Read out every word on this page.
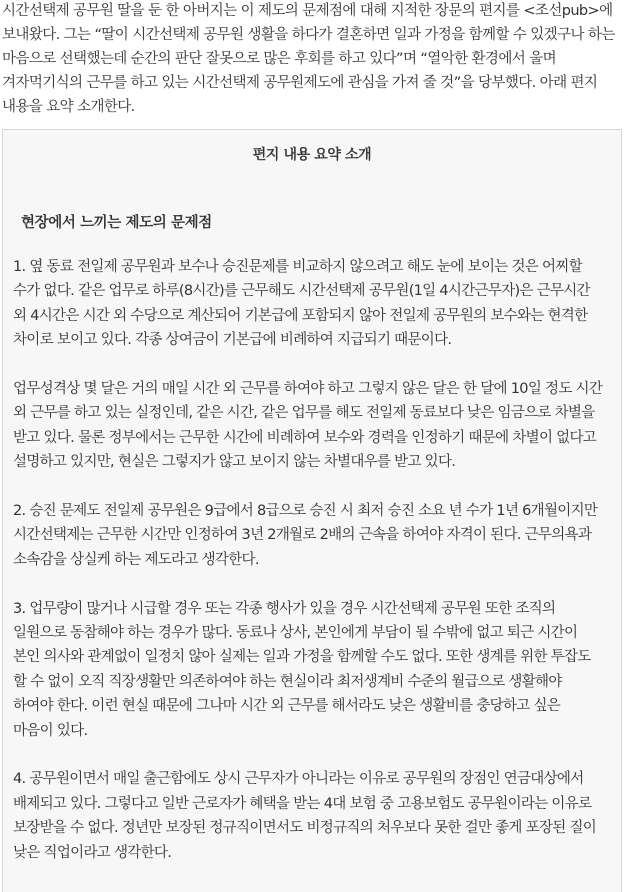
시간선택제 공무원 딸을 둔 한 아버지는 이 제도의 문제점에 대해 지적한 장문의 편지를 <조선pub>에 보내왔다. 그는 “딸이 시간선택제 공무원 생활을 하다가 결혼하면 일과 가정을 함께할 수 있겠구나 하는 마음으로 선택했는데 순간의 판단 잘못으로 많은 후회를 하고 있다”며 “열악한 환경에서 울며 겨자먹기식의 근무를 하고 있는 시간선택제 공무원제도에 관심을 가져 줄 것”을 당부했다. 아래 편지 내용을 요약 소개한다.

편지 내용 요약 소개
현장에서 느끼는 제도의 문제점

1. 옆 동료 전일제 공무원과 보수나 승진문제를 비교하지 않으려고 해도 눈에 보이는 것은 어찌할 수가 없다. 같은 업무로 하루(8시간)를 근무해도 시간선택제 공무원(1일 4시간근무자)은 근무시간 외 4시간은 시간 외 수당으로 계산되어 기본급에 포함되지 않아 전일제 공무원의 보수와는 현격한 차이로 보이고 있다. 각종 상여금이 기본급에 비례하여 지급되기 때문이다.

업무성격상 몇 달은 거의 매일 시간 외 근무를 하여야 하고 그렇지 않은 달은 한 달에 10일 정도 시간 외 근무를 하고 있는 실정인데, 같은 시간, 같은 업무를 해도 전일제 동료보다 낮은 임금으로 차별을 받고 있다. 물론 정부에서는 근무한 시간에 비례하여 보수와 경력을 인정하기 때문에 차별이 없다고 설명하고 있지만, 현실은 그렇지가 않고 보이지 않는 차별대우를 받고 있다.

2. 승진 문제도 전일제 공무원은 9급에서 8급으로 승진 시 최저 승진 소요 년 수가 1년 6개월이지만 시간선택제는 근무한 시간만 인정하여 3년 2개월로 2배의 근속을 하여야 자격이 된다. 근무의욕과 소속감을 상실케 하는 제도라고 생각한다.

3. 업무량이 많거나 시급할 경우 또는 각종 행사가 있을 경우 시간선택제 공무원 또한 조직의 일원으로 동참해야 하는 경우가 많다. 동료나 상사, 본인에게 부담이 될 수밖에 없고 퇴근 시간이 본인 의사와 관계없이 일정치 않아 실제는 일과 가정을 함께할 수도 없다. 또한 생계를 위한 투잡도 할 수 없이 오직 직장생활만 의존하여야 하는 현실이라 최저생계비 수준의 월급으로 생활해야 하여야 한다. 이런 현실 때문에 그나마 시간 외 근무를 해서라도 낮은 생활비를 충당하고 싶은 마음이 있다.

4. 공무원이면서 매일 출근함에도 상시 근무자가 아니라는 이유로 공무원의 장점인 연금대상에서 배제되고 있다. 그렇다고 일반 근로자가 혜택을 받는 4대 보험 중 고용보험도 공무원이라는 이유로 보장받을 수 없다. 정년만 보장된 정규직이면서도 비정규직의 처우보다 못한 걸만 좋게 포장된 질이 낮은 직업이라고 생각한다.
